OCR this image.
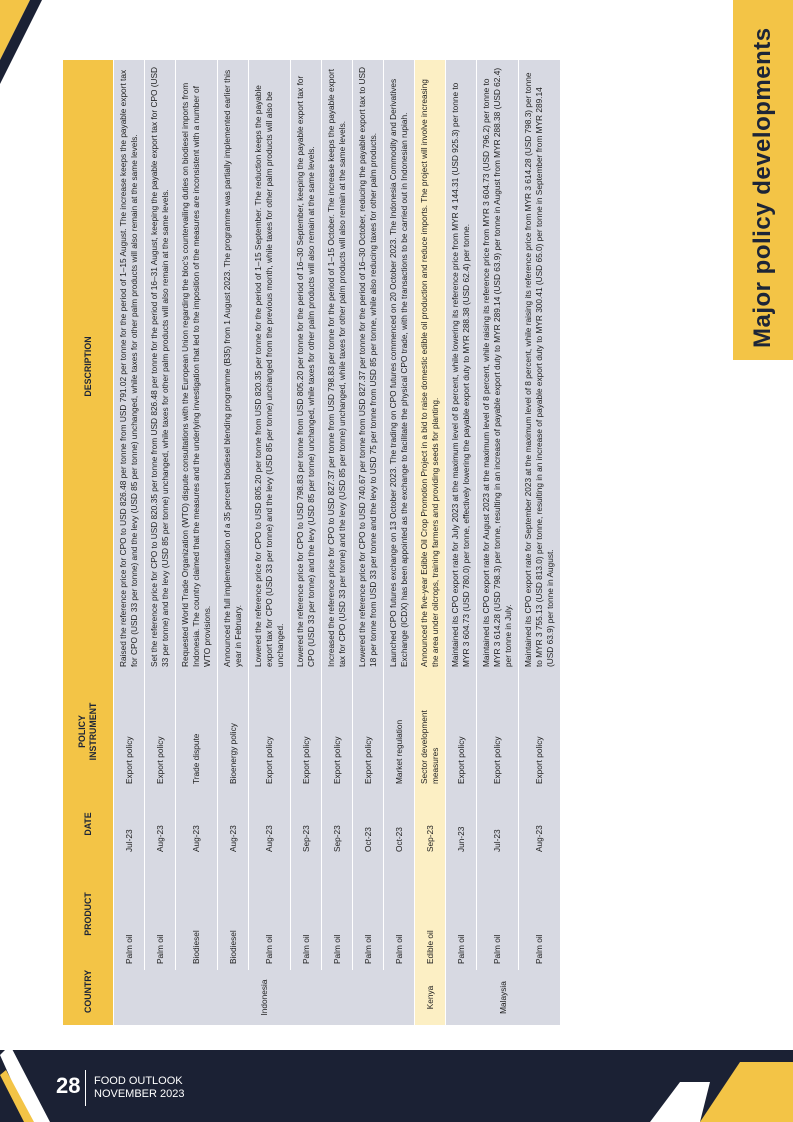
Major policy developments
28 FOOD OUTLOOK
NOVEMBER 2023
COUNTRY	PRODUCT	DATE	POLICY INSTRUMENT	DESCRIPTION
Indonesia	Palm oil	Jul-23	Export policy	Raised the reference price for CPO to USD 826.48 per tonne from USD 791.02 per tonne for the period of 1–15 August. The increase keeps the payable export tax for CPO (USD 33 per tonne) and the levy (USD 85 per tonne) unchanged, while taxes for other palm products will also remain at the same levels.
	Palm oil	Aug-23	Export policy	Set the reference price for CPO to USD 820.35 per tonne from USD 826.48 per tonne for the period of 16–31 August, keeping the payable export tax for CPO (USD 33 per tonne) and the levy (USD 85 per tonne) unchanged, while taxes for other palm products will also remain at the same levels.
	Biodiesel	Aug-23	Trade dispute	Requested World Trade Organization (WTO) dispute consultations with the European Union regarding the bloc's countervailing duties on biodiesel imports from Indonesia. The country claimed that the measures and the underlying investigation that led to the imposition of the measures are inconsistent with a number of WTO provisions.
	Biodiesel	Aug-23	Bioenergy policy	Announced the full implementation of a 35 percent biodiesel blending programme (B35) from 1 August 2023. The programme was partially implemented earlier this year in February.
	Palm oil	Aug-23	Export policy	Lowered the reference price for CPO to USD 805.20 per tonne from USD 820.35 per tonne for the period of 1–15 September. The reduction keeps the payable export tax for CPO (USD 33 per tonne) and the levy (USD 85 per tonne) unchanged from the previous month, while taxes for other palm products will also be unchanged.
	Palm oil	Sep-23	Export policy	Lowered the reference price for CPO to USD 798.83 per tonne from USD 805.20 per tonne for the period of 16–30 September, keeping the payable export tax for CPO (USD 33 per tonne) and the levy (USD 85 per tonne) unchanged, while taxes for other palm products will also remain at the same levels.
	Palm oil	Sep-23	Export policy	Increased the reference price for CPO to USD 827.37 per tonne from USD 798.83 per tonne for the period of 1–15 October. The increase keeps the payable export tax for CPO (USD 33 per tonne) and the levy (USD 85 per tonne) unchanged, while taxes for other palm products will also remain at the same levels.
	Palm oil	Oct-23	Export policy	Lowered the reference price for CPO to USD 740.67 per tonne from USD 827.37 per tonne for the period of 16–30 October, reducing the payable export tax to USD 18 per tonne from USD 33 per tonne and the levy to USD 75 per tonne from USD 85 per tonne, while also reducing taxes for other palm products.
	Palm oil	Oct-23	Market regulation	Launched CPO futures exchange on 13 October 2023. The trading on CPO futures commenced on 20 October 2023. The Indonesia Commodity and Derivatives Exchange (ICDX) has been appointed as the exchange to facilitate the physical CPO trade, with the transactions to be carried out in Indonesian rupiah.
Kenya	Edible oil	Sep-23	Sector development measures	Announced the five-year Edible Oil Crop Promotion Project in a bid to raise domestic edible oil production and reduce imports. The project will involve increasing the area under oilcrops, training farmers and providing seeds for planting.
Malaysia	Palm oil	Jun-23	Export policy	Maintained its CPO export rate for July 2023 at the maximum level of 8 percent, while lowering its reference price from MYR 4 144.31 (USD 925.3) per tonne to MYR 3 604.73 (USD 780.0) per tonne, effectively lowering the payable export duty to MYR 288.38 (USD 62.4) per tonne.
	Palm oil	Jul-23	Export policy	Maintained its CPO export rate for August 2023 at the maximum level of 8 percent, while raising its reference price from MYR 3 604.73 (USD 796.2) per tonne to MYR 3 614.28 (USD 798.3) per tonne, resulting in an increase of payable export duty to MYR 289.14 (USD 63.9) per tonne in August from MYR 288.38 (USD 62.4) per tonne in July.
	Palm oil	Aug-23	Export policy	Maintained its CPO export rate for September 2023 at the maximum level of 8 percent, while raising its reference price from MYR 3 614.28 (USD 798.3) per tonne to MYR 3 755.13 (USD 813.0) per tonne, resulting in an increase of payable export duty to MYR 300.41 (USD 65.0) per tonne in September from MYR 289.14 (USD 63.9) per tonne in August.
